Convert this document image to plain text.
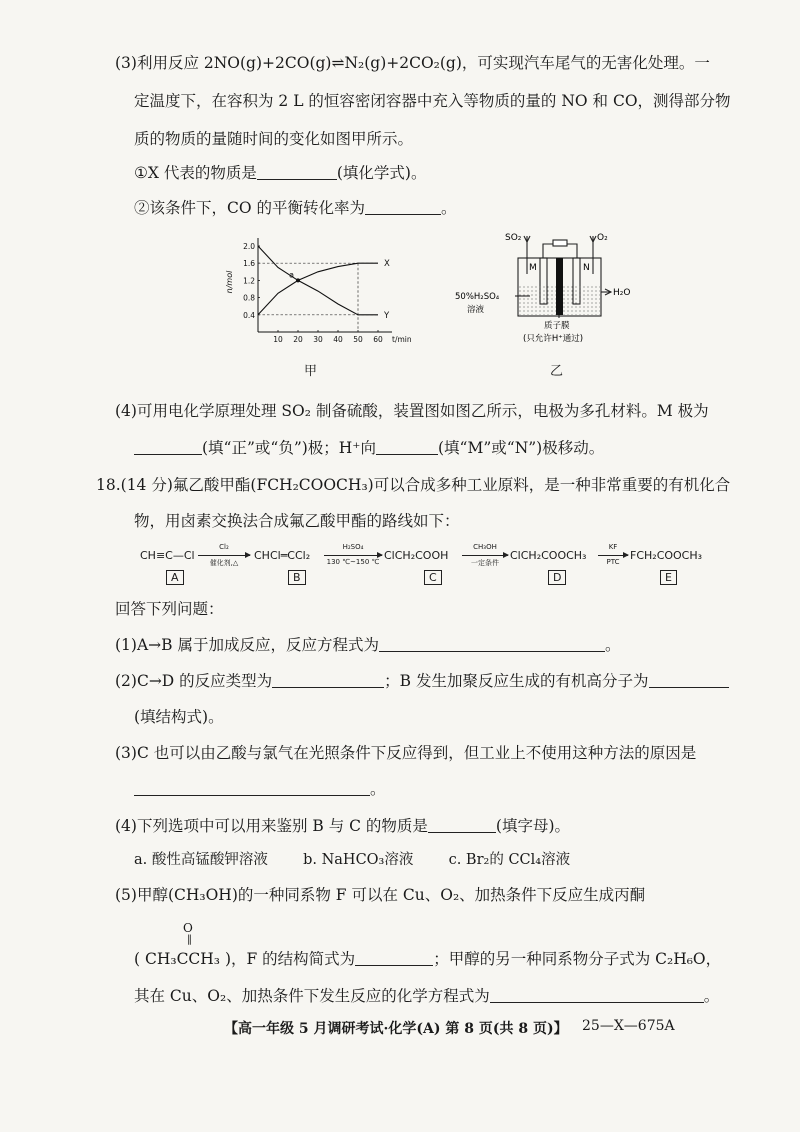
(3)利用反应 2NO(g)+2CO(g)⇌N₂(g)+2CO₂(g)，可实现汽车尾气的无害化处理。一
定温度下，在容积为 2 L 的恒容密闭容器中充入等物质的量的 NO 和 CO，测得部分物
质的物质的量随时间的变化如图甲所示。
①X 代表的物质是	(填化学式)。
②该条件下，CO 的平衡转化率为	。
10 20 30 40 50 60 t/min
0.4
0.8
1.2
1.6
2.0
n/mol
X
Y
a
甲
SO₂	O₂
M	N
H₂O
50%H₂SO₄
溶液
质子膜
(只允许H⁺通过)
乙
(4)可用电化学原理处理 SO₂ 制备硫酸，装置图如图乙所示，电极为多孔材料。M 极为
(填“正”或“负”)极；H⁺向	(填“M”或“N”)极移动。
18.(14 分)氟乙酸甲酯(FCH₂COOCH₃)可以合成多种工业原料，是一种非常重要的有机化合
物，用卤素交换法合成氟乙酸甲酯的路线如下：
CH≡C—Cl →
Cl₂
催化剂,△
CHCl═CCl₂ →
H₂SO₄
130 ℃~150 ℃ ClCH₂COOH →
CH₃OH
一定条件
ClCH₂COOCH₃ →
KF
PTC FCH₂COOCH₃
A	B	C	D	E
回答下列问题：
(1)A→B 属于加成反应，反应方程式为	。
(2)C→D 的反应类型为	；B 发生加聚反应生成的有机高分子为
(填结构式)。
(3)C 也可以由乙酸与氯气在光照条件下反应得到，但工业上不使用这种方法的原因是
。
(4)下列选项中可以用来鉴别 B 与 C 的物质是	(填字母)。
a. 酸性高锰酸钾溶液 b. NaHCO₃溶液 c. Br₂的 CCl₄溶液
(5)甲醇(CH₃OH)的一种同系物 F 可以在 Cu、O₂、加热条件下反应生成丙酮
O
‖
( CH₃CCH₃ )，F 的结构简式为	；甲醇的另一种同系物分子式为 C₂H₆O，
其在 Cu、O₂、加热条件下发生反应的化学方程式为	。
【高一年级 5 月调研考试·化学(A) 第 8 页(共 8 页)】 25—X—675A
